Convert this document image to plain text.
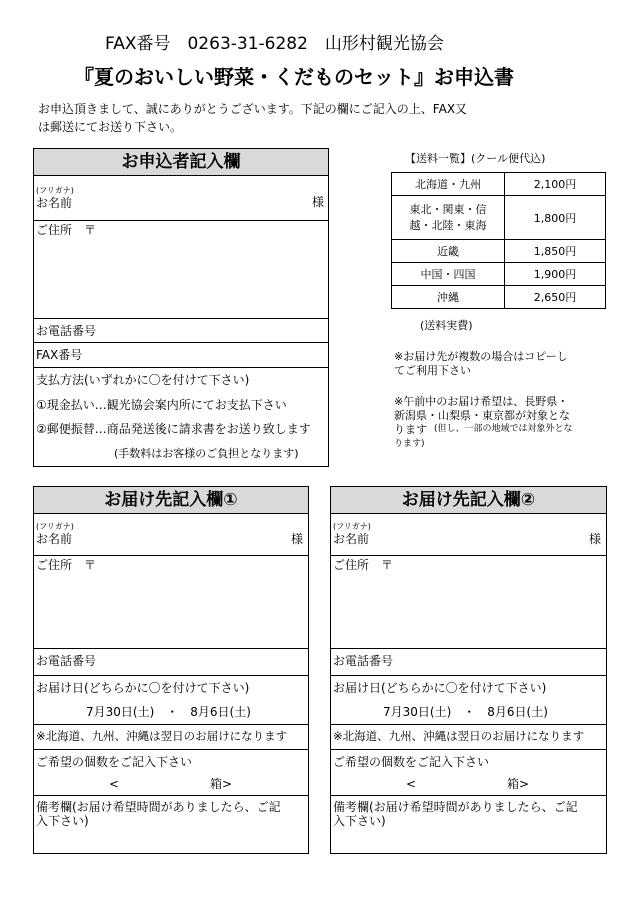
FAX番号　0263-31-6282　山形村観光協会
『夏のおいしい野菜・くだものセット』お申込書
お申込頂きまして、誠にありがとうございます。下記の欄にご記入の上、FAX又
は郵送にてお送り下さい。
お申込者記入欄
(フリガナ)
お名前	様
ご住所　〒
お電話番号
FAX番号
支払方法(いずれかに〇を付けて下さい)
①現金払い…観光協会案内所にてお支払下さい
②郵便振替…商品発送後に請求書をお送り致します
(手数料はお客様のご負担となります)
【送料一覧】(クール便代込)
北海道・九州	2,100円
東北・関東・信越・北陸・東海	1,800円
近畿	1,850円
中国・四国	1,900円
沖縄	2,650円
(送料実費)
※お届け先が複数の場合はコピーし
てご利用下さい
※午前中のお届け希望は、長野県・
新潟県・山梨県・東京都が対象とな
ります (但し、一部の地域では対象外とな
ります)
お届け先記入欄①
(フリガナ)
お名前	様
ご住所　〒
お電話番号
お届け日(どちらかに〇を付けて下さい)
7月30日(土)　・　8月6日(土)
※北海道、九州、沖縄は翌日のお届けになります
ご希望の個数をご記入下さい
<	箱>
備考欄(お届け希望時間がありましたら、ご記
入下さい)
お届け先記入欄②
(フリガナ)
お名前	様
ご住所　〒
お電話番号
お届け日(どちらかに〇を付けて下さい)
7月30日(土)　・　8月6日(土)
※北海道、九州、沖縄は翌日のお届けになります
ご希望の個数をご記入下さい
<	箱>
備考欄(お届け希望時間がありましたら、ご記
入下さい)
